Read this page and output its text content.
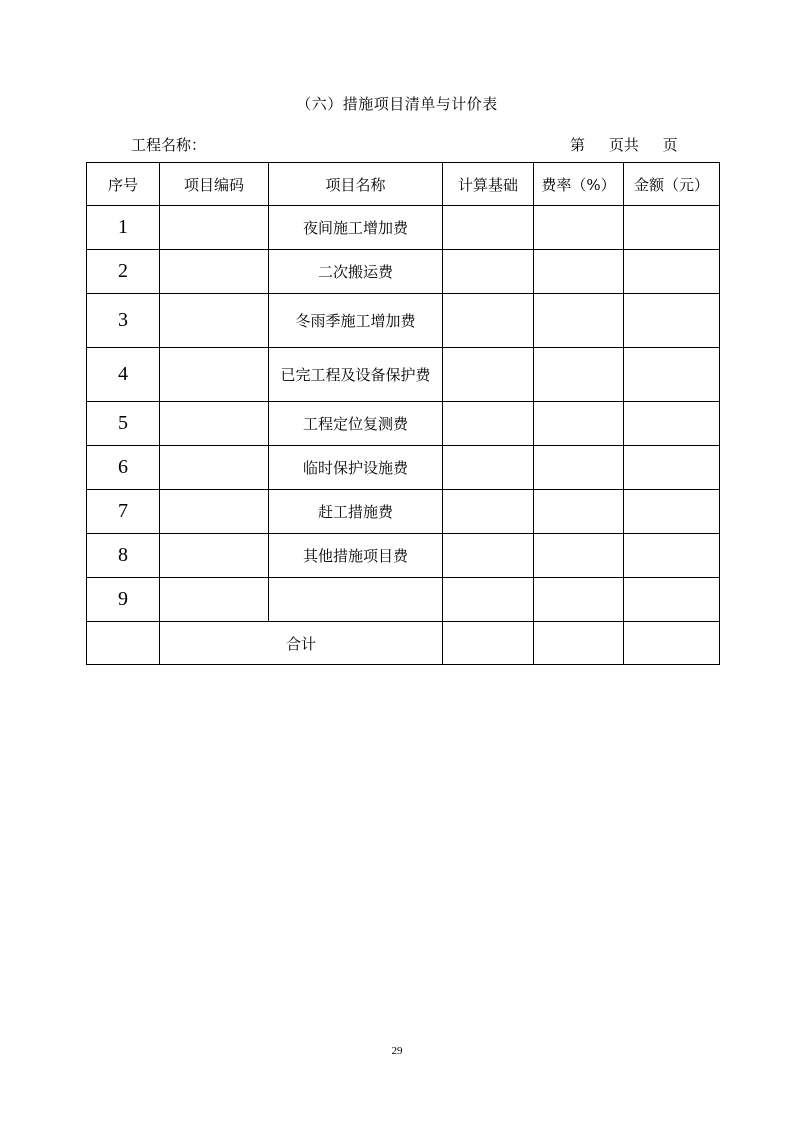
（六）措施项目清单与计价表
工程名称：	第     页共     页
序号	项目编码	项目名称	计算基础	费率（%）	金额（元）
1		夜间施工增加费			
2		二次搬运费			
3		冬雨季施工增加费			
4		已完工程及设备保护费			
5		工程定位复测费			
6		临时保护设施费			
7		赶工措施费			
8		其他措施项目费			
9					
	合计				
29
